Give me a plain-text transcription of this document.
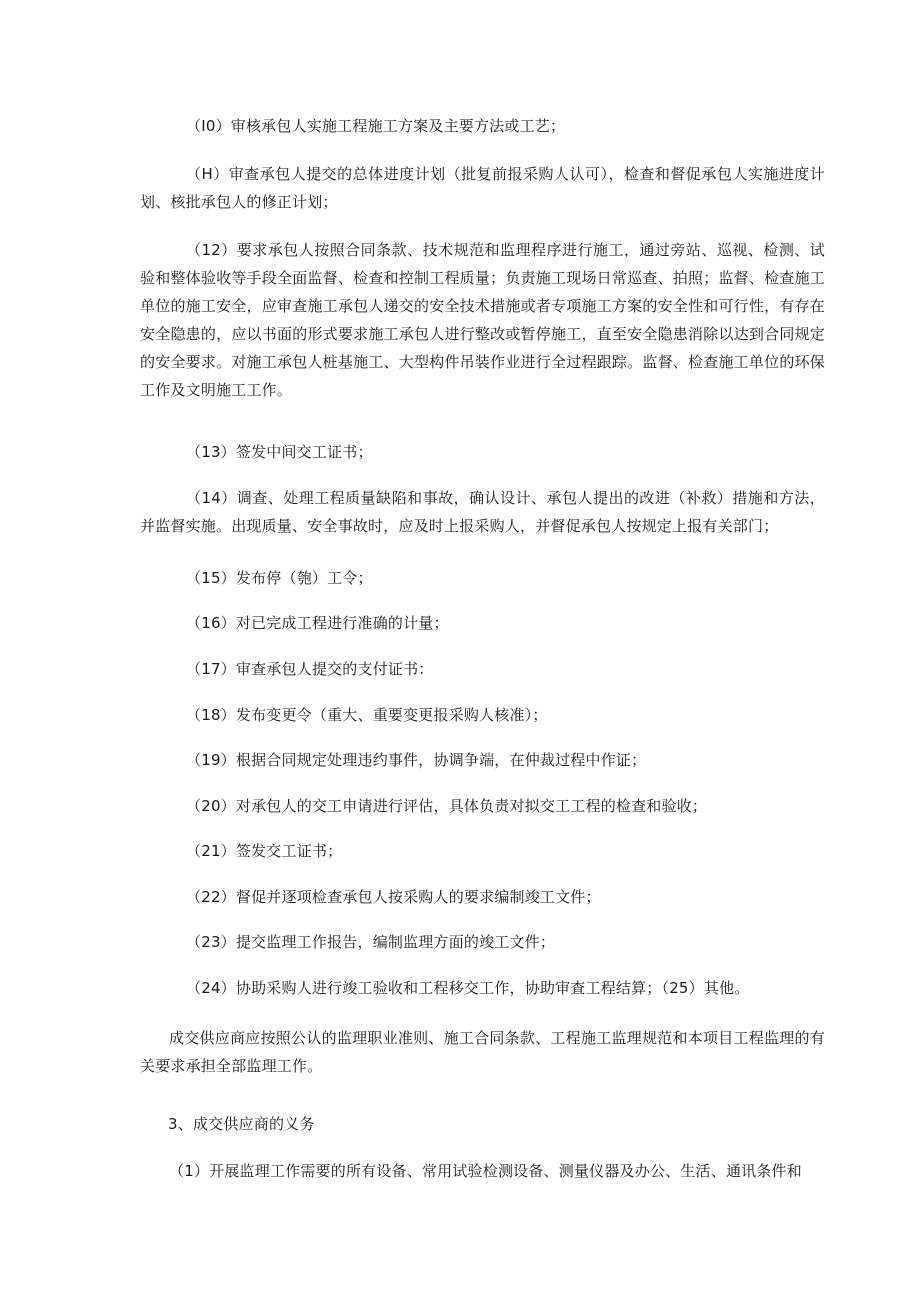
（I0）审核承包人实施工程施工方案及主要方法或工艺；

（H）审查承包人提交的总体进度计划（批复前报采购人认可），检查和督促承包人实施进度计划、核批承包人的修正计划；

（12）要求承包人按照合同条款、技术规范和监理程序进行施工，通过旁站、巡视、检测、试验和整体验收等手段全面监督、检查和控制工程质量；负责施工现场日常巡查、拍照；监督、检查施工单位的施工安全，应审查施工承包人递交的安全技术措施或者专项施工方案的安全性和可行性，有存在安全隐患的，应以书面的形式要求施工承包人进行整改或暂停施工，直至安全隐患消除以达到合同规定的安全要求。对施工承包人桩基施工、大型构件吊装作业进行全过程跟踪。监督、检查施工单位的环保工作及文明施工工作。

（13）签发中间交工证书；

（14）调查、处理工程质量缺陷和事故，确认设计、承包人提出的改进（补救）措施和方法，并监督实施。出现质量、安全事故时，应及时上报采购人，并督促承包人按规定上报有关部门；

（15）发布停（匏）工令；

（16）对已完成工程进行准确的计量；

（17）审查承包人提交的支付证书：

（18）发布变更令（重大、重要变更报采购人核准）；

（19）根据合同规定处理违约事件，协调争端，在仲裁过程中作证；

（20）对承包人的交工申请进行评估，具体负责对拟交工工程的检查和验收；

（21）签发交工证书；

（22）督促并逐项检查承包人按采购人的要求编制竣工文件；

（23）提交监理工作报告，编制监理方面的竣工文件；

（24）协助采购人进行竣工验收和工程移交工作，协助审查工程结算；（25）其他。

成交供应商应按照公认的监理职业准则、施工合同条款、工程施工监理规范和本项目工程监理的有关要求承担全部监理工作。

3、成交供应商的义务

（1）开展监理工作需要的所有设备、常用试验检测设备、测量仪器及办公、生活、通讯条件和
